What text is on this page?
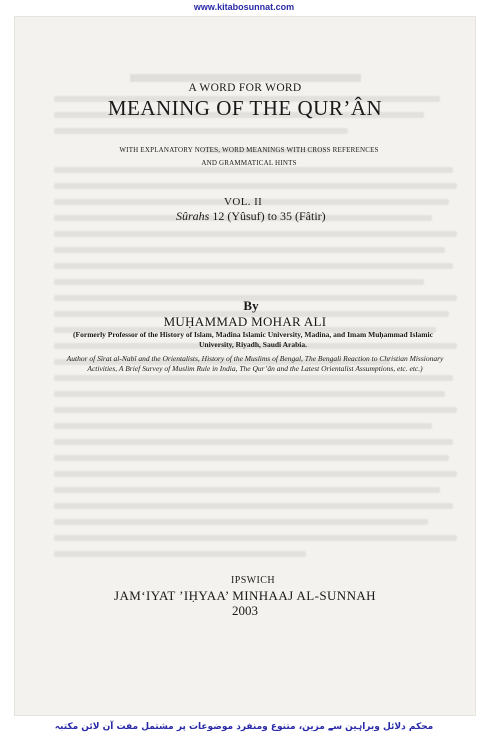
www.kitabosunnat.com
A WORD FOR WORD
MEANING OF THE QUR’ÂN
WITH EXPLANATORY NOTES, WORD MEANINGS WITH CROSS REFERENCES
AND GRAMMATICAL HINTS
VOL. II
Sûrahs 12 (Yûsuf) to 35 (Fâtir)
By
MUḤAMMAD MOHAR ALI
(Formerly Professor of the History of Islam, Madina Islamic University, Madina, and Imam Muḥammad Islamic University, Riyadh, Saudi Arabia.
Author of Sîrat al-Nabî and the Orientalists, History of the Muslims of Bengal, The Bengali Reaction to Christian Missionary Activities, A Brief Survey of Muslim Rule in India, The Qur’ân and the Latest Orientalist Assumptions, etc. etc.)
IPSWICH
JAM‘IYAT ’IḤYAA’ MINHAAJ AL-SUNNAH
2003
محکم دلائل وبراہین سے مزین، متنوع ومنفرد موضوعات پر مشتمل مفت آن لائن مکتبہ
